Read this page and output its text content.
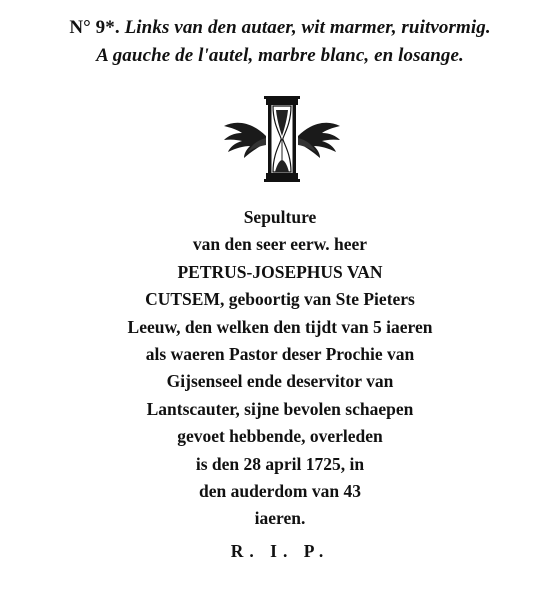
N° 9*. Links van den autaer, wit marmer, ruitvormig.
A gauche de l'autel, marbre blanc, en losange.
Sepulture
van den seer eerw. heer
PETRUS-JOSEPHUS VAN
CUTSEM, geboortig van Ste Pieters
Leeuw, den welken den tijdt van 5 iaeren
als waeren Pastor deser Prochie van
Gijsenseel ende deservitor van
Lantscauter, sijne bevolen schaepen
gevoet hebbende, overleden
is den 28 april 1725, in
den auderdom van 43
iaeren.
R. I. P.
